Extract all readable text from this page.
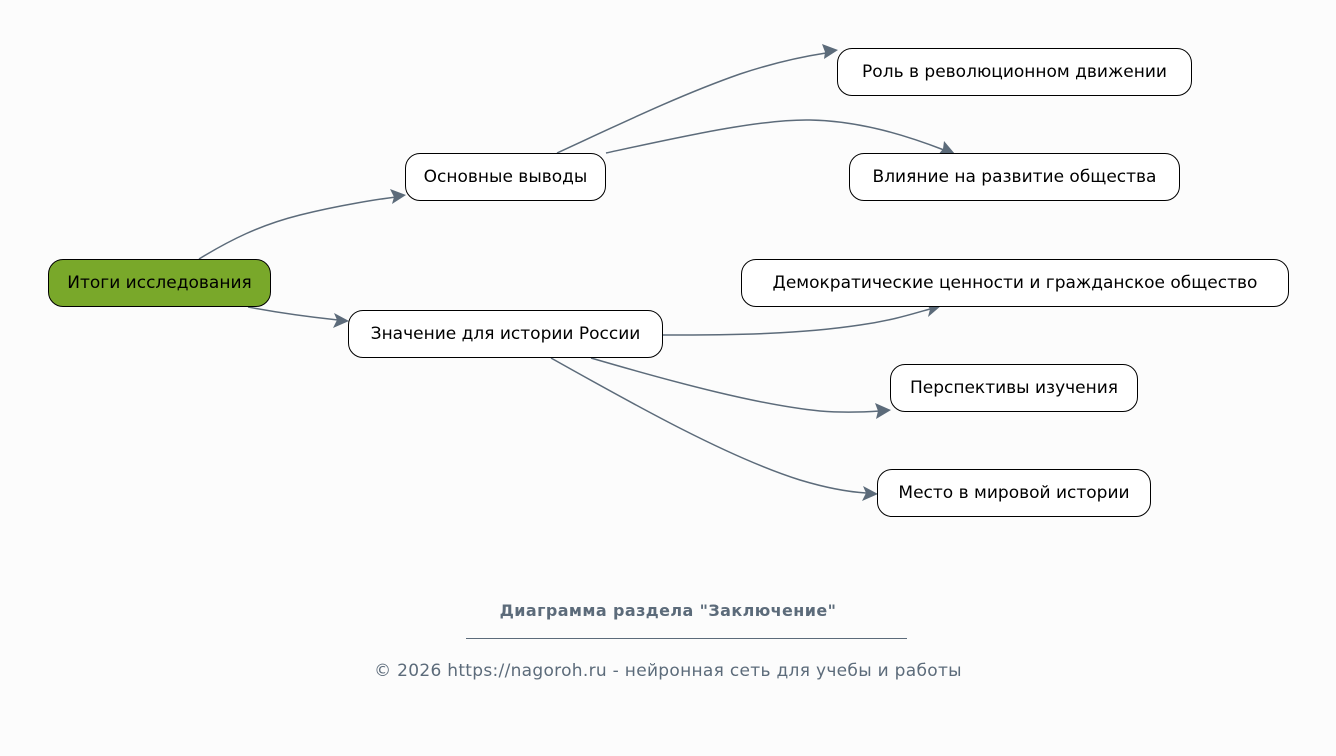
Итоги исследования
Основные выводы
Значение для истории России
Роль в революционном движении
Влияние на развитие общества
Демократические ценности и гражданское общество
Перспективы изучения
Место в мировой истории
Диаграмма раздела "Заключение"
© 2026 https://nagoroh.ru - нейронная сеть для учебы и работы
